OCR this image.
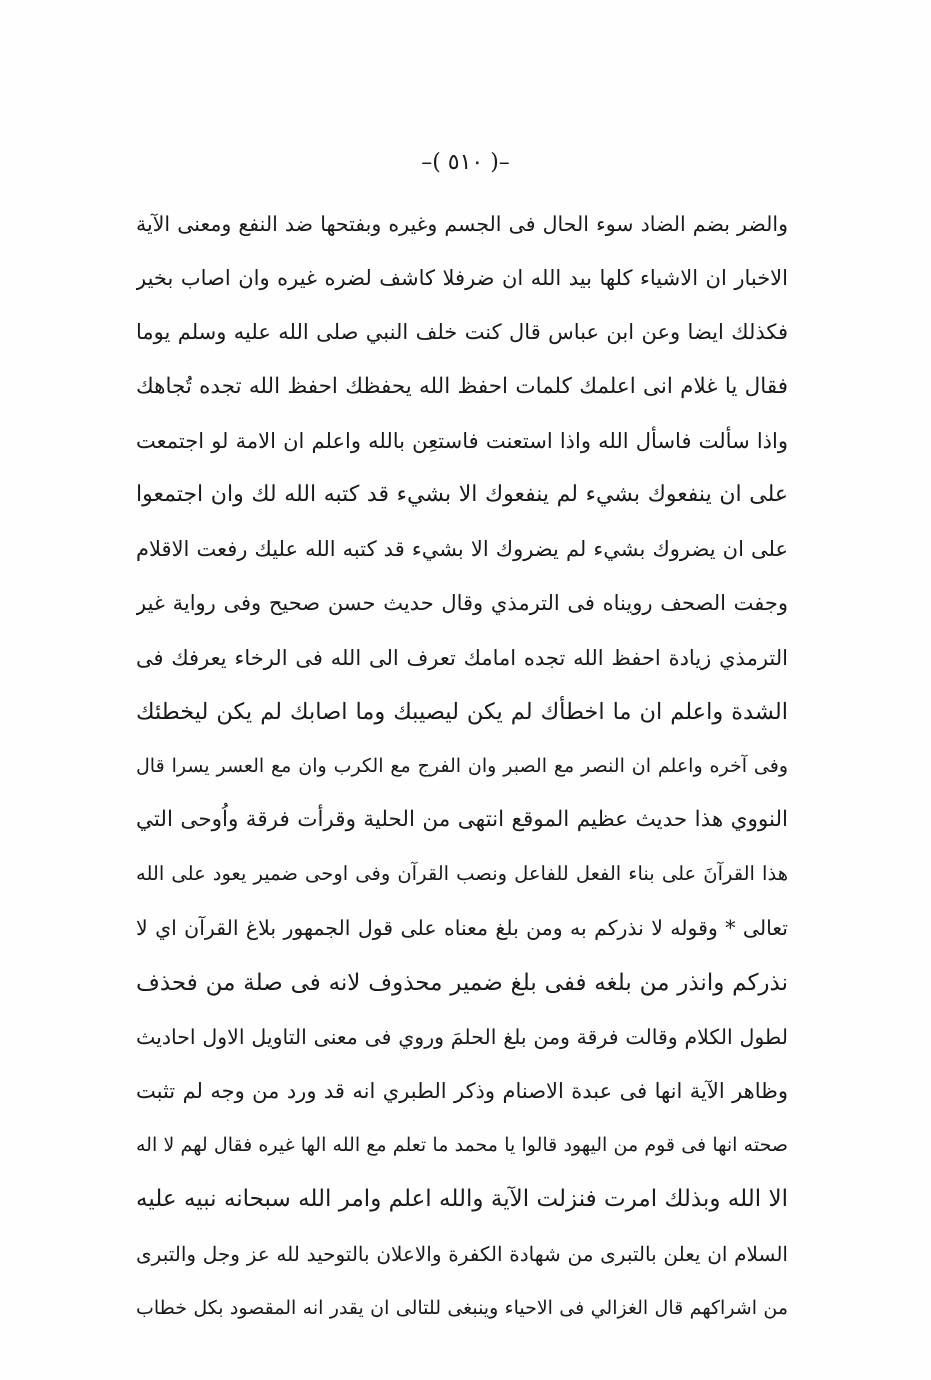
–( ٥١٠ )–
والضر بضم الضاد سوء الحال فى الجسم وغيره وبفتحها ضد النفع ومعنى الآية
الاخبار ان الاشياء كلها بيد الله ان ضرفلا كاشف لضره غيره وان اصاب بخير
فكذلك ايضا وعن ابن عباس قال كنت خلف النبي صلى الله عليه وسلم يوما
فقال يا غلام انى اعلمك كلمات احفظ الله يحفظك احفظ الله تجده تُجاهك
واذا سألت فاسأل الله واذا استعنت فاستعِن بالله واعلم ان الامة لو اجتمعت
على ان ينفعوك بشيء لم ينفعوك الا بشيء قد كتبه الله لك وان اجتمعوا
على ان يضروك بشيء لم يضروك الا بشيء قد كتبه الله عليك رفعت الاقلام
وجفت الصحف رويناه فى الترمذي وقال حديث حسن صحيح وفى رواية غير
الترمذي زيادة احفظ الله تجده امامك تعرف الى الله فى الرخاء يعرفك فى
الشدة واعلم ان ما اخطأك لم يكن ليصيبك وما اصابك لم يكن ليخطئك
وفى آخره واعلم ان النصر مع الصبر وان الفرج مع الكرب وان مع العسر يسرا قال
النووي هذا حديث عظيم الموقع انتهى من الحلية وقرأت فرقة واُوحى التي
هذا القرآنَ على بناء الفعل للفاعل ونصب القرآن وفى اوحى ضمير يعود على الله
تعالى * وقوله لا نذركم به ومن بلغ معناه على قول الجمهور بلاغ القرآن اي لا
نذركم وانذر من بلغه ففى بلغ ضمير محذوف لانه فى صلة من فحذف
لطول الكلام وقالت فرقة ومن بلغ الحلمَ وروي فى معنى التاويل الاول احاديث
وظاهر الآية انها فى عبدة الاصنام وذكر الطبري انه قد ورد من وجه لم تثبت
صحته انها فى قوم من اليهود قالوا يا محمد ما تعلم مع الله الها غيره فقال لهم لا اله
الا الله وبذلك امرت فنزلت الآية والله اعلم وامر الله سبحانه نبيه عليه
السلام ان يعلن بالتبرى من شهادة الكفرة والاعلان بالتوحيد لله عز وجل والتبرى
من اشراكهم قال الغزالي فى الاحياء وينبغى للتالى ان يقدر انه المقصود بكل خطاب
